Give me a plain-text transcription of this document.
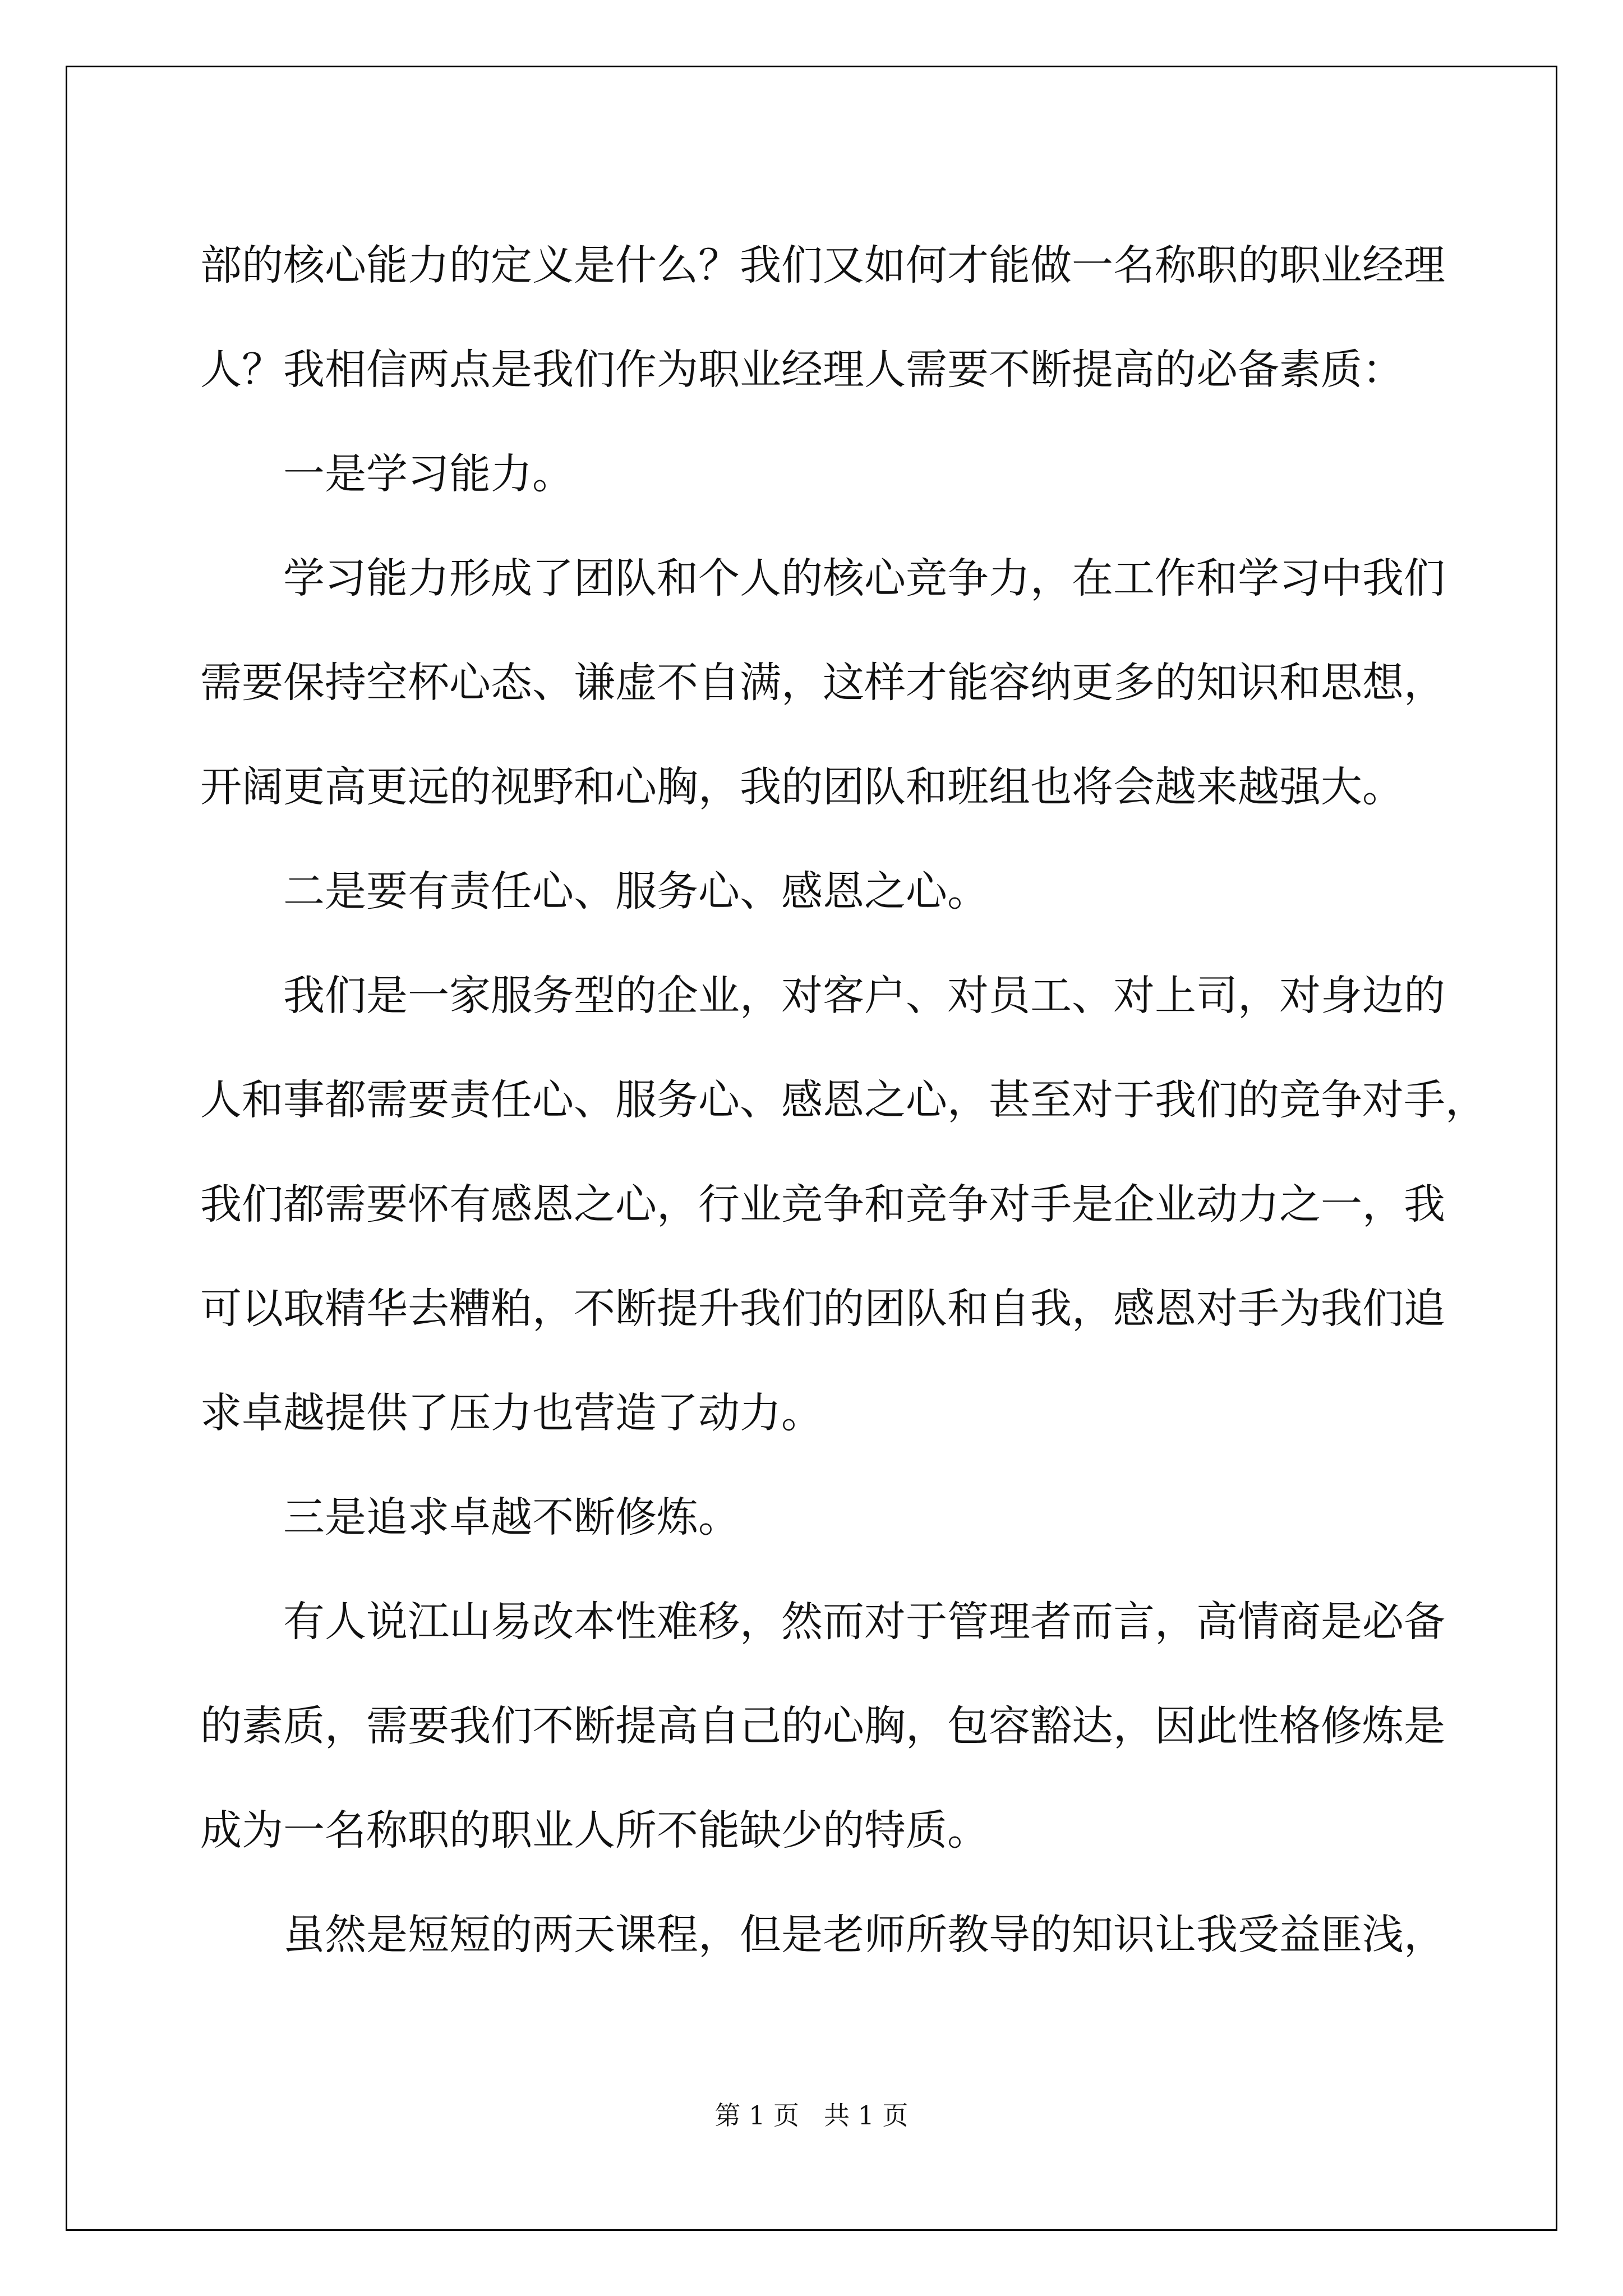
部的核心能力的定义是什么？我们又如何才能做一名称职的职业经理
人？我相信两点是我们作为职业经理人需要不断提高的必备素质：

一是学习能力。

学习能力形成了团队和个人的核心竞争力，在工作和学习中我们
需要保持空杯心态、谦虚不自满，这样才能容纳更多的知识和思想，
开阔更高更远的视野和心胸，我的团队和班组也将会越来越强大。

二是要有责任心、服务心、感恩之心。

我们是一家服务型的企业，对客户、对员工、对上司，对身边的
人和事都需要责任心、服务心、感恩之心，甚至对于我们的竞争对手，
我们都需要怀有感恩之心，行业竞争和竞争对手是企业动力之一，我
可以取精华去糟粕，不断提升我们的团队和自我，感恩对手为我们追
求卓越提供了压力也营造了动力。

三是追求卓越不断修炼。

有人说江山易改本性难移，然而对于管理者而言，高情商是必备
的素质，需要我们不断提高自己的心胸，包容豁达，因此性格修炼是
成为一名称职的职业人所不能缺少的特质。

虽然是短短的两天课程，但是老师所教导的知识让我受益匪浅，

第 1 页 共 1 页
